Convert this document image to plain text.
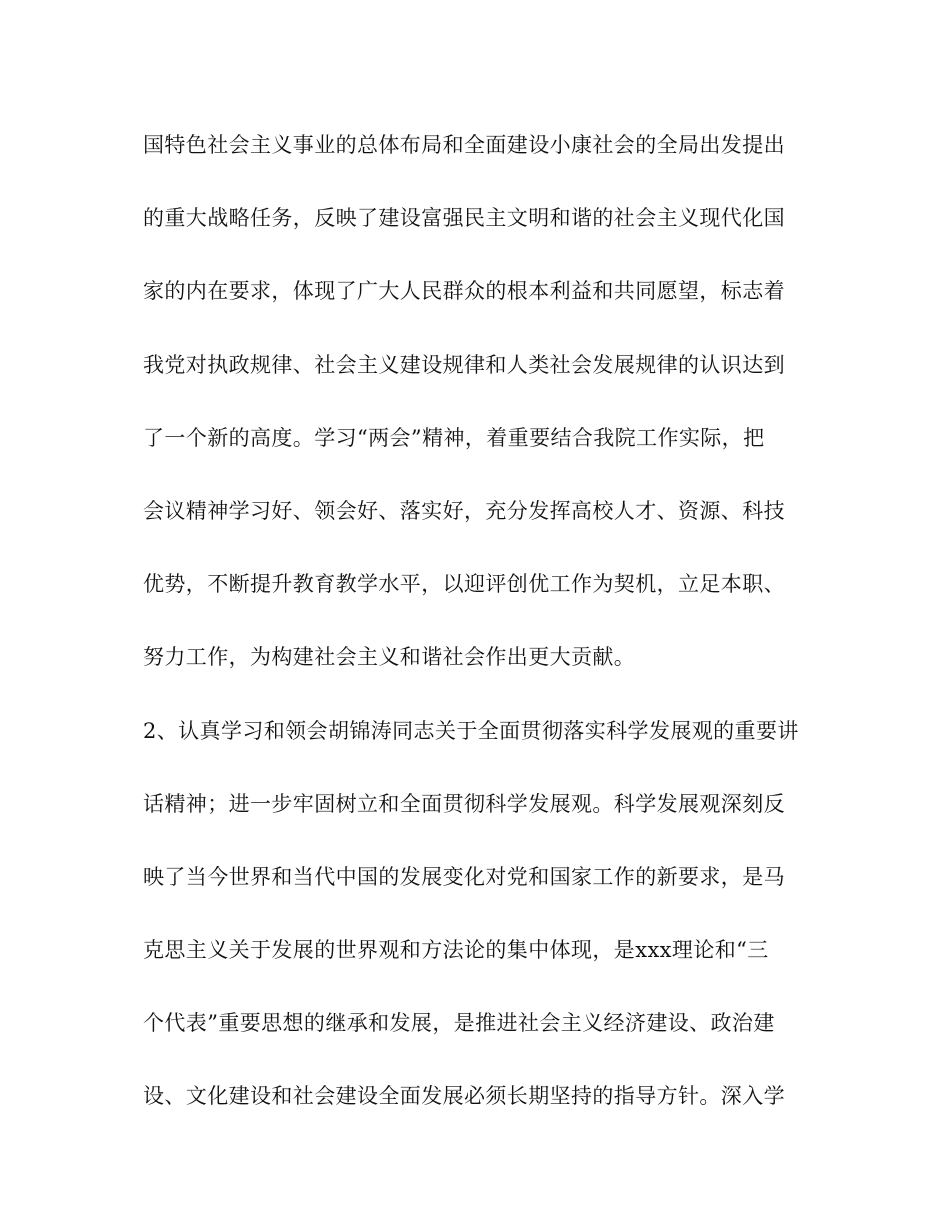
国特色社会主义事业的总体布局和全面建设小康社会的全局出发提出
的重大战略任务，反映了建设富强民主文明和谐的社会主义现代化国
家的内在要求，体现了广大人民群众的根本利益和共同愿望，标志着
我党对执政规律、社会主义建设规律和人类社会发展规律的认识达到
了一个新的高度。学习“两会”精神，着重要结合我院工作实际，把
会议精神学习好、领会好、落实好，充分发挥高校人才、资源、科技
优势，不断提升教育教学水平，以迎评创优工作为契机，立足本职、
努力工作，为构建社会主义和谐社会作出更大贡献。
2、认真学习和领会胡锦涛同志关于全面贯彻落实科学发展观的重要讲
话精神；进一步牢固树立和全面贯彻科学发展观。科学发展观深刻反
映了当今世界和当代中国的发展变化对党和国家工作的新要求，是马
克思主义关于发展的世界观和方法论的集中体现，是xxx理论和“三
个代表”重要思想的继承和发展，是推进社会主义经济建设、政治建
设、文化建设和社会建设全面发展必须长期坚持的指导方针。深入学
